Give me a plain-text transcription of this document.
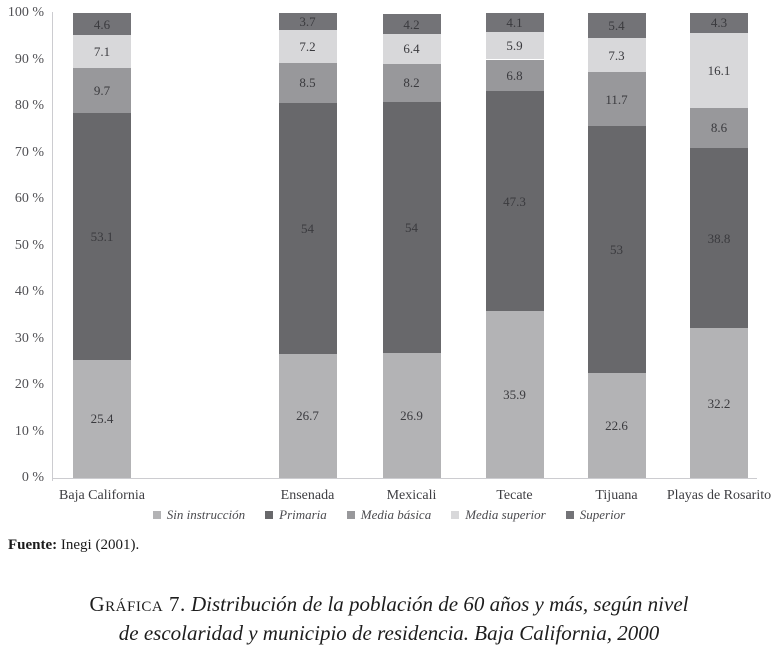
0 %
10 %
20 %
30 %
40 %
50 %
60 %
70 %
80 %
90 %
100 %
25.4
53.1
9.7
7.1
4.6
26.7
54
8.5
7.2
3.7
26.9
54
8.2
6.4
4.2
35.9
47.3
6.8
5.9
4.1
22.6
53
11.7
7.3
5.4
32.2
38.8
8.6
16.1
4.3
Baja California	Ensenada	Mexicali	Tecate	Tijuana	Playas de Rosarito
Sin instrucción	Primaria	Media básica	Media superior	Superior

Fuente: Inegi (2001).

Gráfica 7. Distribución de la población de 60 años y más, según nivel
de escolaridad y municipio de residencia. Baja California, 2000
